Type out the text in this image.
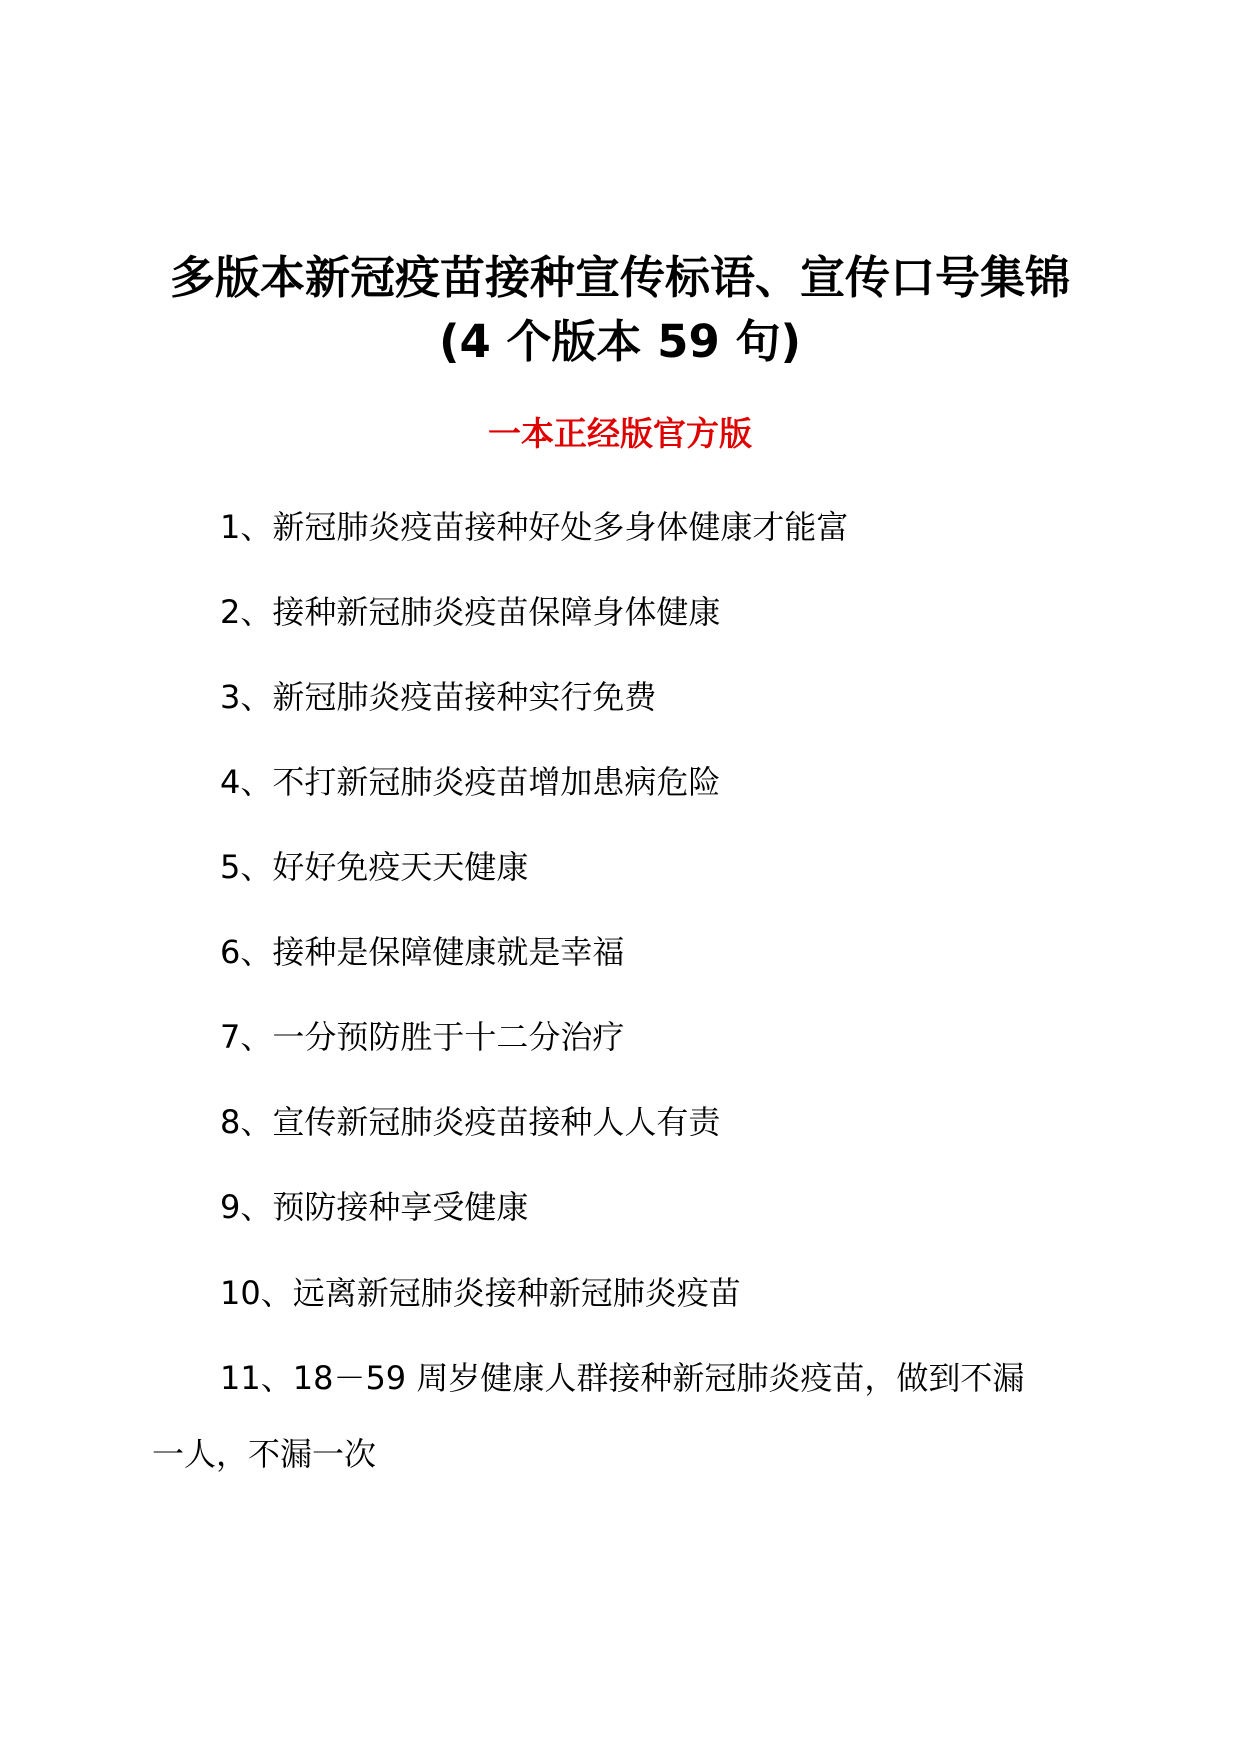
多版本新冠疫苗接种宣传标语、宣传口号集锦
(4 个版本 59 句)
一本正经版官方版
1、新冠肺炎疫苗接种好处多身体健康才能富
2、接种新冠肺炎疫苗保障身体健康
3、新冠肺炎疫苗接种实行免费
4、不打新冠肺炎疫苗增加患病危险
5、好好免疫天天健康
6、接种是保障健康就是幸福
7、一分预防胜于十二分治疗
8、宣传新冠肺炎疫苗接种人人有责
9、预防接种享受健康
10、远离新冠肺炎接种新冠肺炎疫苗
11、18－59 周岁健康人群接种新冠肺炎疫苗，做到不漏
一人，不漏一次
